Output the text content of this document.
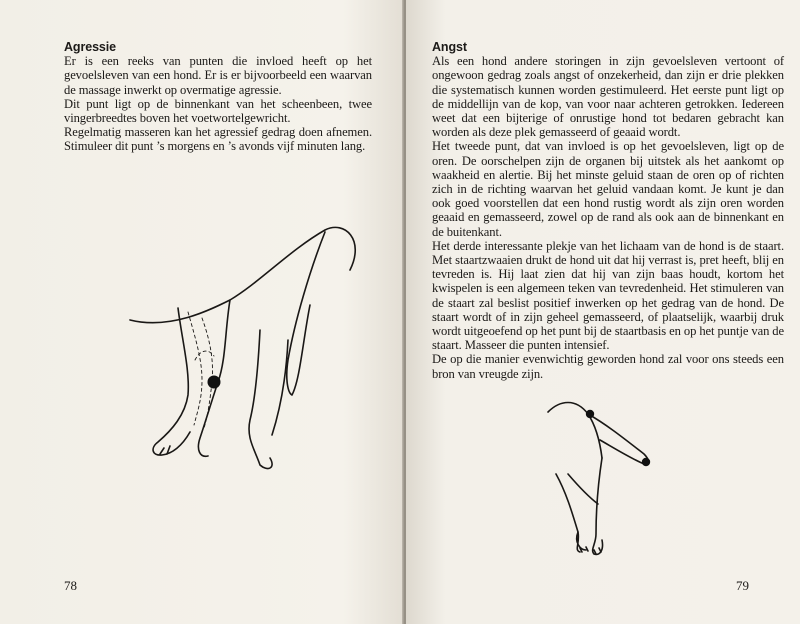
Agressie

Er is een reeks van punten die invloed heeft op het gevoelsleven van een hond. Er is er bijvoorbeeld een waarvan de massage inwerkt op overmatige agressie.

Dit punt ligt op de binnenkant van het scheenbeen, twee vingerbreedtes boven het voetwortelgewricht.

Regelmatig masseren kan het agressief gedrag doen afnemen. Stimuleer dit punt ’s morgens en ’s avonds vijf minuten lang.

78
Angst

Als een hond andere storingen in zijn gevoelsleven vertoont of ongewoon gedrag zoals angst of onzekerheid, dan zijn er drie plekken die systematisch kunnen worden gestimuleerd. Het eerste punt ligt op de middellijn van de kop, van voor naar achteren getrokken. Iedereen weet dat een bijterige of onrustige hond tot bedaren gebracht kan worden als deze plek gemasseerd of geaaid wordt.

Het tweede punt, dat van invloed is op het gevoelsleven, ligt op de oren. De oorschelpen zijn de organen bij uitstek als het aankomt op waakheid en alertie. Bij het minste geluid staan de oren op of richten zich in de richting waarvan het geluid vandaan komt. Je kunt je dan ook goed voorstellen dat een hond rustig wordt als zijn oren worden geaaid en gemasseerd, zowel op de rand als ook aan de binnenkant en de buitenkant.

Het derde interessante plekje van het lichaam van de hond is de staart. Met staartzwaaien drukt de hond uit dat hij verrast is, pret heeft, blij en tevreden is. Hij laat zien dat hij van zijn baas houdt, kortom het kwispelen is een algemeen teken van tevredenheid. Het stimuleren van de staart zal beslist positief inwerken op het gedrag van de hond. De staart wordt of in zijn geheel gemasseerd, of plaatselijk, waarbij druk wordt uitgeoefend op het punt bij de staartbasis en op het puntje van de staart. Masseer die punten intensief.

De op die manier evenwichtig geworden hond zal voor ons steeds een bron van vreugde zijn.

79
